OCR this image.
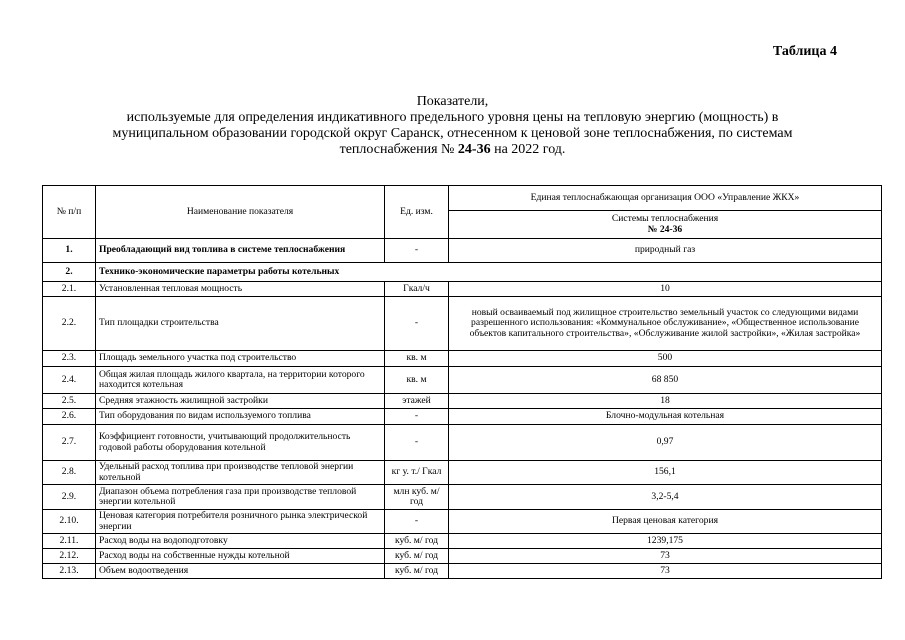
Таблица 4
Показатели,
используемые для определения индикативного предельного уровня цены на тепловую энергию (мощность) в
муниципальном образовании городской округ Саранск, отнесенном к ценовой зоне теплоснабжения, по системам
теплоснабжения № 24-36 на 2022 год.
№ п/п	Наименование показателя	Ед. изм.	Единая теплоснабжающая организация ООО «Управление ЖКХ»

			Системы теплоснабжения
№ 24-36

1.	Преобладающий вид топлива в системе теплоснабжения	-	природный газ
2.	Технико-экономические параметры работы котельных		
2.1.	Установленная тепловая мощность	Гкал/ч	10
2.2.	Тип площадки строительства	-	новый осваиваемый под жилищное строительство земельный участок со следующими видами разрешенного использования: «Коммунальное обслуживание», «Общественное использование объектов капитального строительства», «Обслуживание жилой застройки», «Жилая застройка»
2.3.	Площадь земельного участка под строительство	кв. м	500
2.4.	Общая жилая площадь жилого квартала, на территории которого находится котельная	кв. м	68 850
2.5.	Средняя этажность жилищной застройки	этажей	18
2.6.	Тип оборудования по видам используемого топлива	-	Блочно-модульная котельная
2.7.	Коэффициент готовности, учитывающий продолжительность годовой работы оборудования котельной	-	0,97
2.8.	Удельный расход топлива при производстве тепловой энергии котельной	кг у. т./ Гкал	156,1
2.9.	Диапазон объема потребления газа при производстве тепловой энергии котельной	млн куб. м/год	3,2-5,4
2.10.	Ценовая категория потребителя розничного рынка электрической энергии	-	Первая ценовая категория
2.11.	Расход воды на водоподготовку	куб. м/ год	1239,175
2.12.	Расход воды на собственные нужды котельной	куб. м/ год	73
2.13.	Объем водоотведения	куб. м/ год	73
